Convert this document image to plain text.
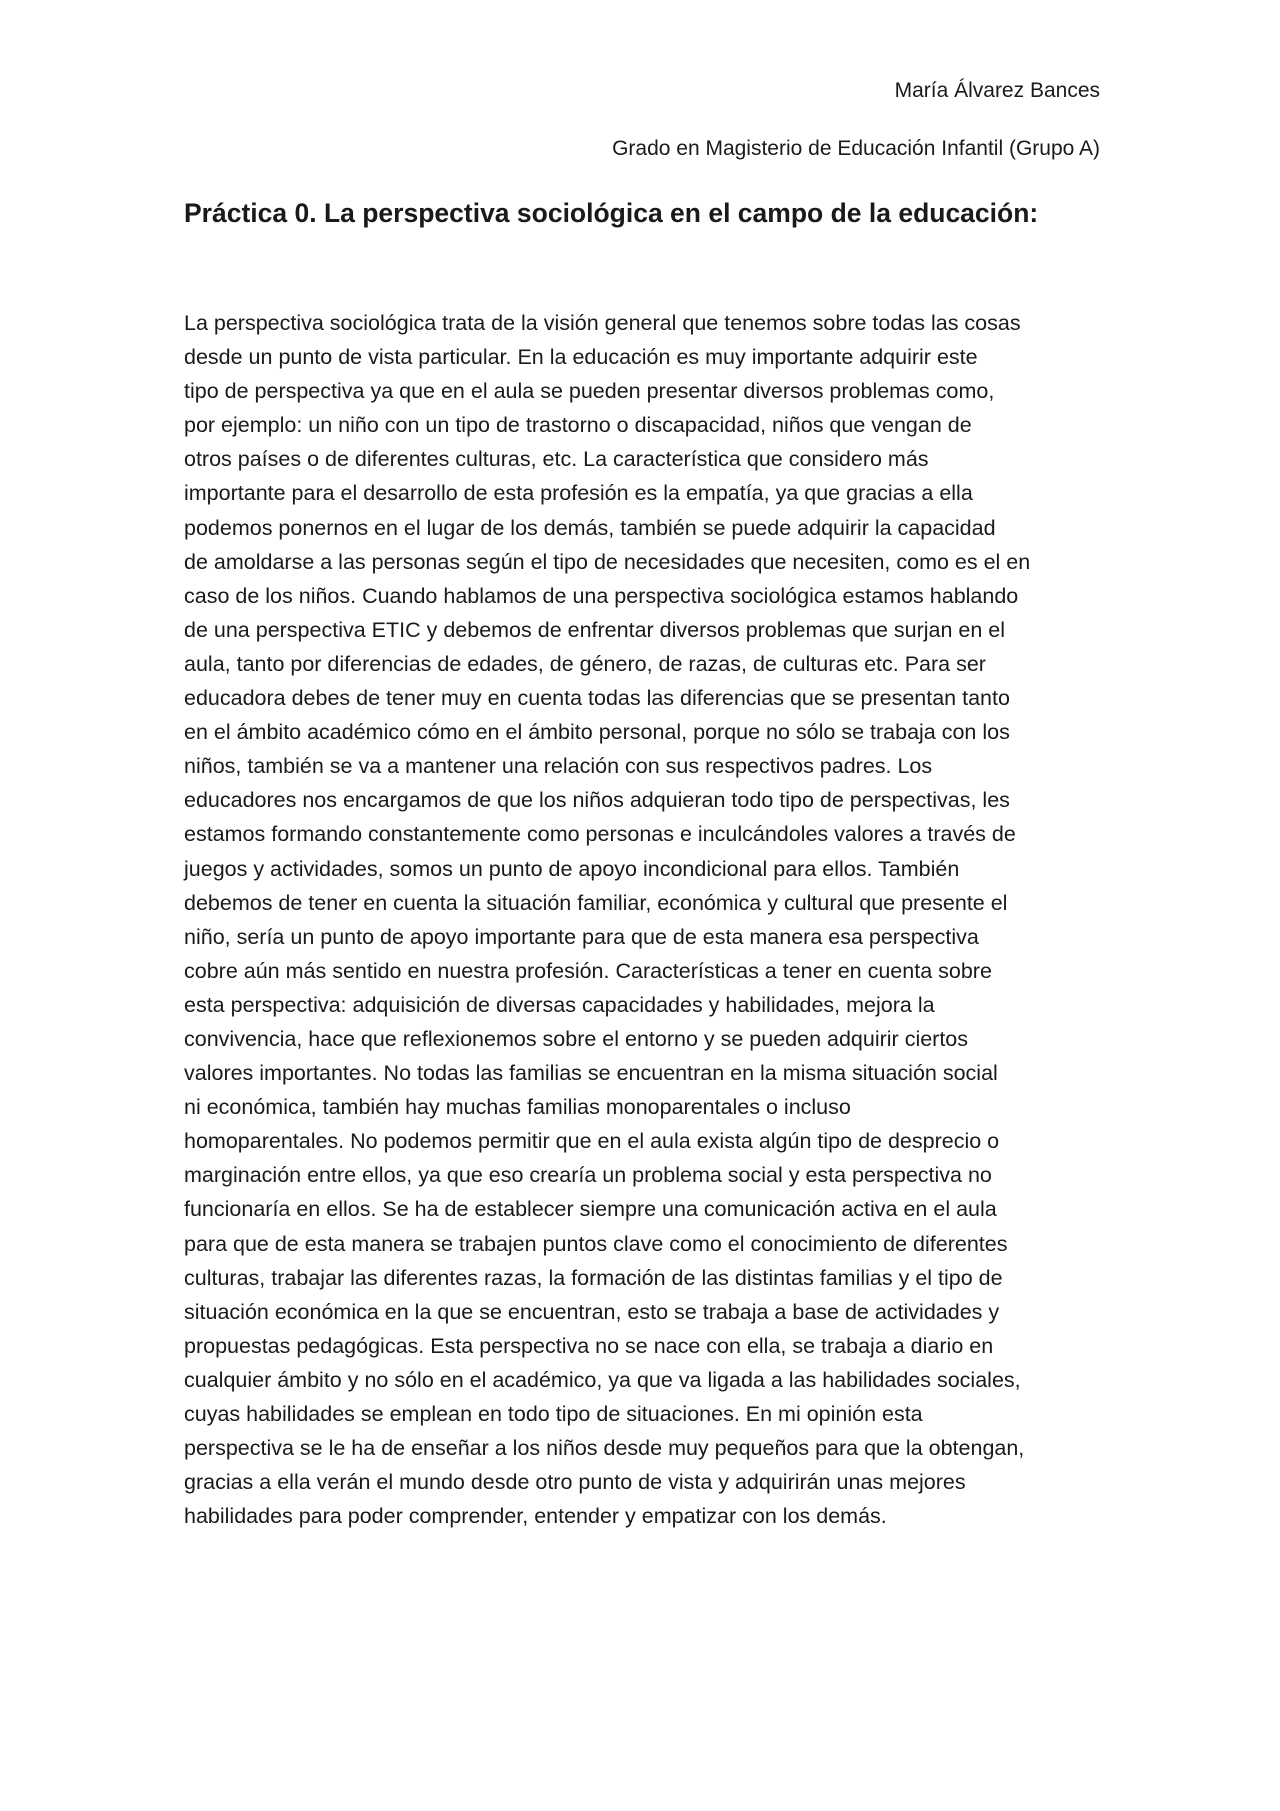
María Álvarez Bances
Grado en Magisterio de Educación Infantil (Grupo A)
Práctica 0. La perspectiva sociológica en el campo de la educación:

La perspectiva sociológica trata de la visión general que tenemos sobre todas las cosas
desde un punto de vista particular. En la educación es muy importante adquirir este
tipo de perspectiva ya que en el aula se pueden presentar diversos problemas como,
por ejemplo: un niño con un tipo de trastorno o discapacidad, niños que vengan de
otros países o de diferentes culturas, etc. La característica que considero más
importante para el desarrollo de esta profesión es la empatía, ya que gracias a ella
podemos ponernos en el lugar de los demás, también se puede adquirir la capacidad
de amoldarse a las personas según el tipo de necesidades que necesiten, como es el en
caso de los niños. Cuando hablamos de una perspectiva sociológica estamos hablando
de una perspectiva ETIC y debemos de enfrentar diversos problemas que surjan en el
aula, tanto por diferencias de edades, de género, de razas, de culturas etc. Para ser
educadora debes de tener muy en cuenta todas las diferencias que se presentan tanto
en el ámbito académico cómo en el ámbito personal, porque no sólo se trabaja con los
niños, también se va a mantener una relación con sus respectivos padres. Los
educadores nos encargamos de que los niños adquieran todo tipo de perspectivas, les
estamos formando constantemente como personas e inculcándoles valores a través de
juegos y actividades, somos un punto de apoyo incondicional para ellos. También
debemos de tener en cuenta la situación familiar, económica y cultural que presente el
niño, sería un punto de apoyo importante para que de esta manera esa perspectiva
cobre aún más sentido en nuestra profesión. Características a tener en cuenta sobre
esta perspectiva: adquisición de diversas capacidades y habilidades, mejora la
convivencia, hace que reflexionemos sobre el entorno y se pueden adquirir ciertos
valores importantes. No todas las familias se encuentran en la misma situación social
ni económica, también hay muchas familias monoparentales o incluso
homoparentales. No podemos permitir que en el aula exista algún tipo de desprecio o
marginación entre ellos, ya que eso crearía un problema social y esta perspectiva no
funcionaría en ellos. Se ha de establecer siempre una comunicación activa en el aula
para que de esta manera se trabajen puntos clave como el conocimiento de diferentes
culturas, trabajar las diferentes razas, la formación de las distintas familias y el tipo de
situación económica en la que se encuentran, esto se trabaja a base de actividades y
propuestas pedagógicas. Esta perspectiva no se nace con ella, se trabaja a diario en
cualquier ámbito y no sólo en el académico, ya que va ligada a las habilidades sociales,
cuyas habilidades se emplean en todo tipo de situaciones. En mi opinión esta
perspectiva se le ha de enseñar a los niños desde muy pequeños para que la obtengan,
gracias a ella verán el mundo desde otro punto de vista y adquirirán unas mejores
habilidades para poder comprender, entender y empatizar con los demás.
